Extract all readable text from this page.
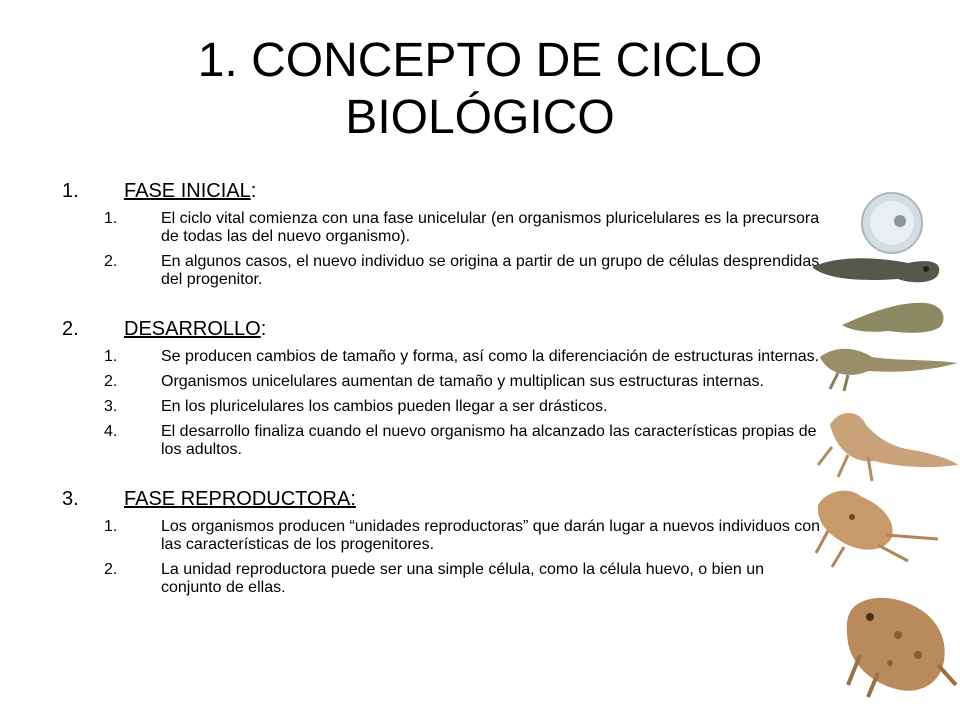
1. CONCEPTO DE CICLO
BIOLÓGICO
1. FASE INICIAL:
1.	El ciclo vital comienza con una fase unicelular (en organismos pluricelulares es la precursora de todas las del nuevo organismo).
2.	En algunos casos, el nuevo individuo se origina a partir de un grupo de células desprendidas del progenitor.
2. DESARROLLO:
1.	Se producen cambios de tamaño y forma, así como la diferenciación de estructuras internas.
2.	Organismos unicelulares aumentan de tamaño y multiplican sus estructuras internas.
3.	En los pluricelulares los cambios pueden llegar a ser drásticos.
4.	El desarrollo finaliza cuando el nuevo organismo ha alcanzado las características propias de los adultos.
3. FASE REPRODUCTORA:
1.	Los organismos producen “unidades reproductoras” que darán lugar a nuevos individuos con las características de los progenitores.
2.	La unidad reproductora puede ser una simple célula, como la célula huevo, o bien un conjunto de ellas.
